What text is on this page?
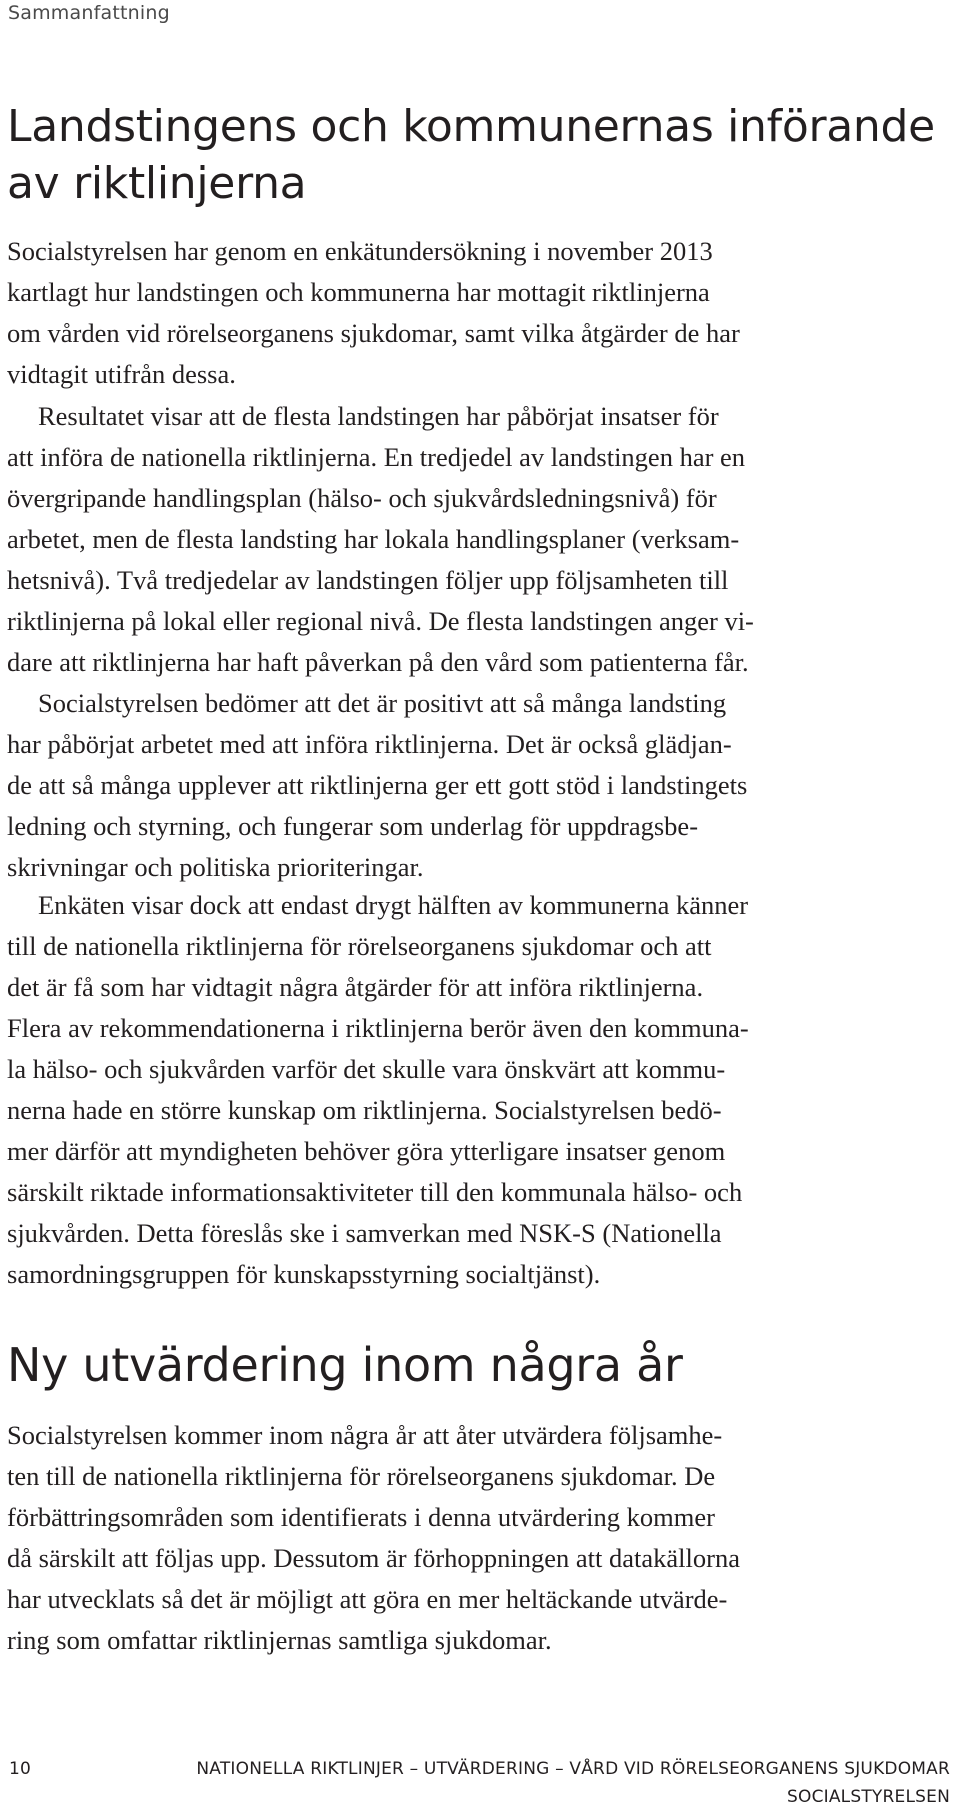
Sammanfattning
Landstingens och kommunernas införande
av riktlinjerna

Socialstyrelsen har genom en enkätundersökning i november 2013
kartlagt hur landstingen och kommunerna har mottagit riktlinjerna
om vården vid rörelseorganens sjukdomar, samt vilka åtgärder de har
vidtagit utifrån dessa.

Resultatet visar att de flesta landstingen har påbörjat insatser för
att införa de nationella riktlinjerna. En tredjedel av landstingen har en
övergripande handlingsplan (hälso- och sjukvårdsledningsnivå) för
arbetet, men de flesta landsting har lokala handlingsplaner (verksam-
hetsnivå). Två tredjedelar av landstingen följer upp följsamheten till
riktlinjerna på lokal eller regional nivå. De flesta landstingen anger vi-
dare att riktlinjerna har haft påverkan på den vård som patienterna får.
Socialstyrelsen bedömer att det är positivt att så många landsting
har påbörjat arbetet med att införa riktlinjerna. Det är också glädjan-
de att så många upplever att riktlinjerna ger ett gott stöd i landstingets
ledning och styrning, och fungerar som underlag för uppdragsbe-
skrivningar och politiska prioriteringar.

Enkäten visar dock att endast drygt hälften av kommunerna känner
till de nationella riktlinjerna för rörelseorganens sjukdomar och att
det är få som har vidtagit några åtgärder för att införa riktlinjerna.
Flera av rekommendationerna i riktlinjerna berör även den kommuna-
la hälso- och sjukvården varför det skulle vara önskvärt att kommu-
nerna hade en större kunskap om riktlinjerna. Socialstyrelsen bedö-
mer därför att myndigheten behöver göra ytterligare insatser genom
särskilt riktade informationsaktiviteter till den kommunala hälso- och
sjukvården. Detta föreslås ske i samverkan med NSK-S (Nationella
samordningsgruppen för kunskapsstyrning socialtjänst).

Ny utvärdering inom några år

Socialstyrelsen kommer inom några år att åter utvärdera följsamhe-
ten till de nationella riktlinjerna för rörelseorganens sjukdomar. De
förbättringsområden som identifierats i denna utvärdering kommer
då särskilt att följas upp. Dessutom är förhoppningen att datakällorna
har utvecklats så det är möjligt att göra en mer heltäckande utvärde-
ring som omfattar riktlinjernas samtliga sjukdomar.

10	NATIONELLA RIKTLINJER – UTVÄRDERING – VÅRD VID RÖRELSEORGANENS SJUKDOMAR
SOCIALSTYRELSEN
